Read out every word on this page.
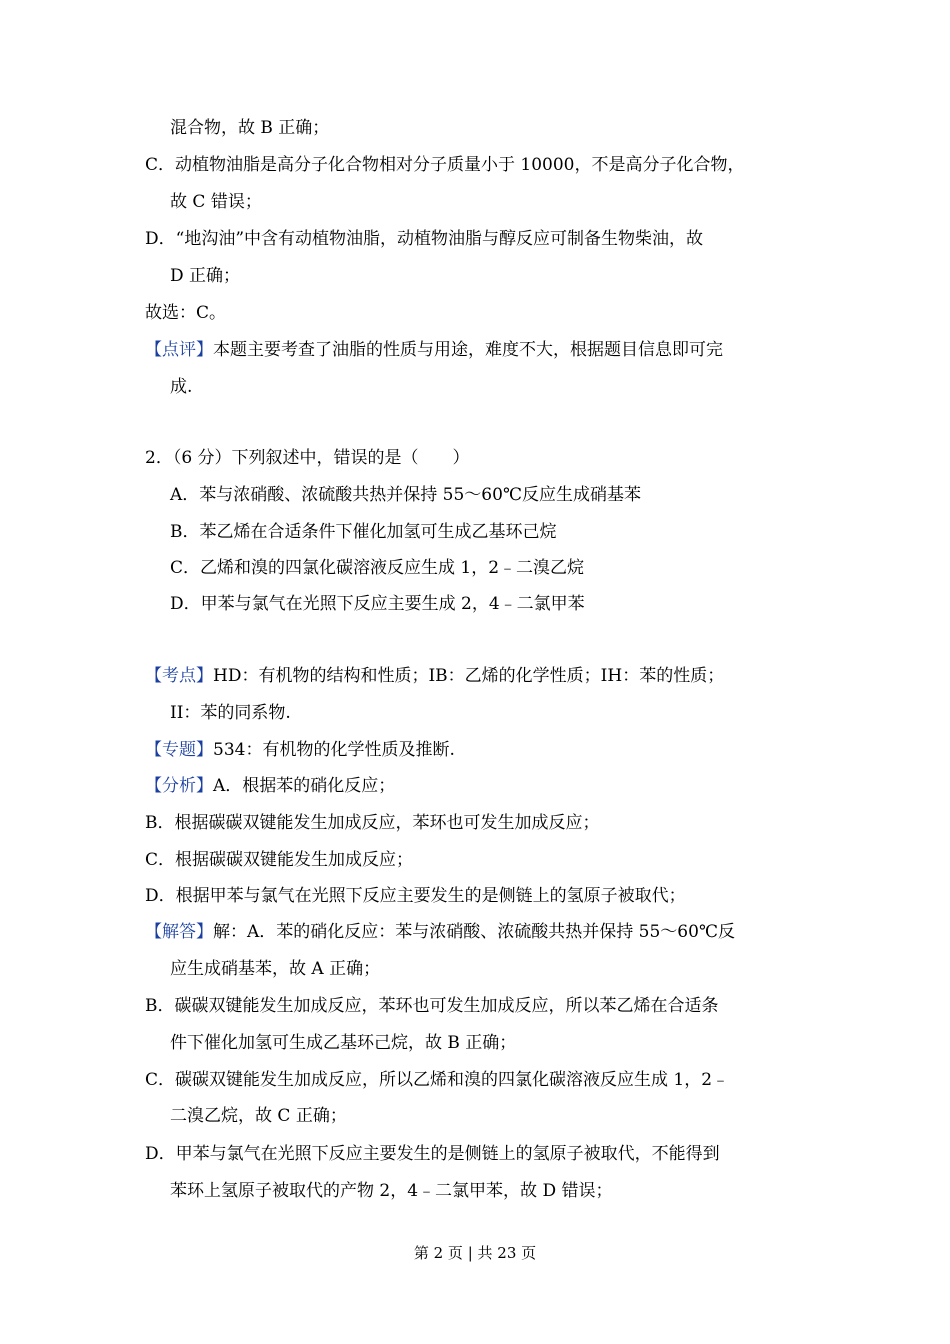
混合物，故 B 正确；
C．动植物油脂是高分子化合物相对分子质量小于 10000，不是高分子化合物，
故 C 错误；
D．“地沟油”中含有动植物油脂，动植物油脂与醇反应可制备生物柴油，故
D 正确；
故选：C。
【点评】本题主要考查了油脂的性质与用途，难度不大，根据题目信息即可完
成.
2．（6 分）下列叙述中，错误的是（　　）
A．苯与浓硝酸、浓硫酸共热并保持 55～60℃反应生成硝基苯
B．苯乙烯在合适条件下催化加氢可生成乙基环己烷
C．乙烯和溴的四氯化碳溶液反应生成 1，2﹣二溴乙烷
D．甲苯与氯气在光照下反应主要生成 2，4﹣二氯甲苯
【考点】HD：有机物的结构和性质；IB：乙烯的化学性质；IH：苯的性质；
II：苯的同系物.
【专题】534：有机物的化学性质及推断.
【分析】A．根据苯的硝化反应；
B．根据碳碳双键能发生加成反应，苯环也可发生加成反应；
C．根据碳碳双键能发生加成反应；
D．根据甲苯与氯气在光照下反应主要发生的是侧链上的氢原子被取代；
【解答】解：A．苯的硝化反应：苯与浓硝酸、浓硫酸共热并保持 55～60℃反
应生成硝基苯，故 A 正确；
B．碳碳双键能发生加成反应，苯环也可发生加成反应，所以苯乙烯在合适条
件下催化加氢可生成乙基环己烷，故 B 正确；
C．碳碳双键能发生加成反应，所以乙烯和溴的四氯化碳溶液反应生成 1，2﹣
二溴乙烷，故 C 正确；
D．甲苯与氯气在光照下反应主要发生的是侧链上的氢原子被取代，不能得到
苯环上氢原子被取代的产物 2，4﹣二氯甲苯，故 D 错误；
第 2 页 | 共 23 页
